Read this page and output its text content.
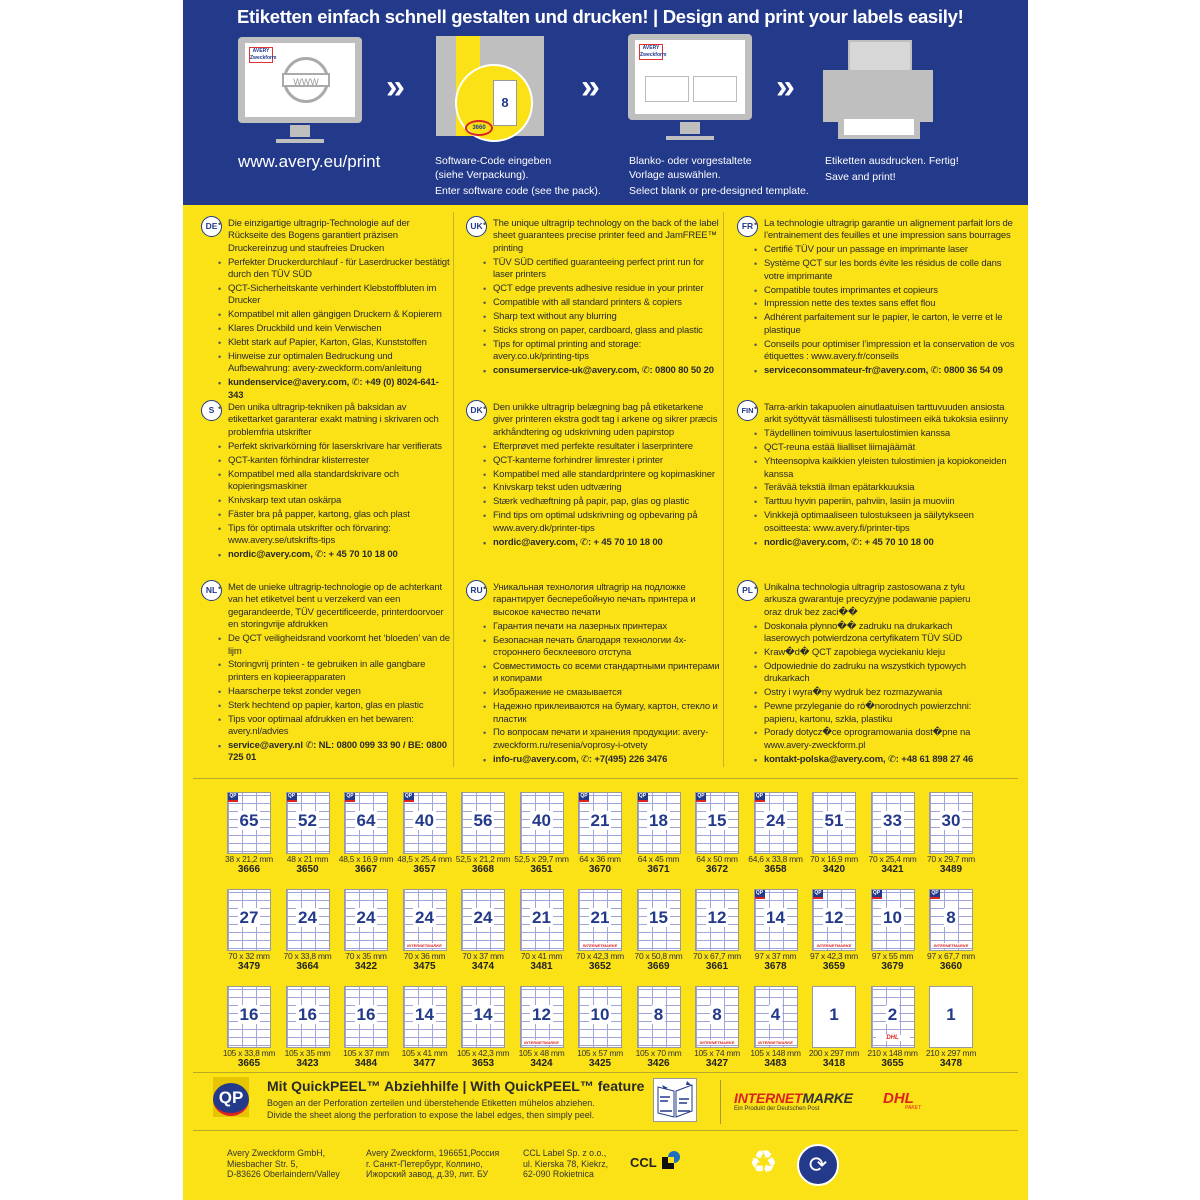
Etiketten einfach schnell gestalten und drucken! | Design and print your labels easily!
AVERY Zweckform
WWW
www.avery.eu/print
»	8
3660
Software-Code eingeben
(siehe Verpackung).
Enter software code (see the pack).
»
AVERY Zweckform
Blanko- oder vorgestaltete
Vorlage auswählen.
Select blank or pre-designed template.
»
Etiketten ausdrucken. Fertig!
Save and print!
DE	• Die einzigartige ultragrip-Technologie auf der Rückseite des Bogens garantiert präzisen Druckereinzug und staufreies Drucken
• Perfekter Druckerdurchlauf - für Laserdrucker bestätigt durch den TÜV SÜD
• QCT-Sicherheitskante verhindert Klebstoffbluten im Drucker
• Kompatibel mit allen gängigen Druckern & Kopierern
• Klares Druckbild und kein Verwischen
• Klebt stark auf Papier, Karton, Glas, Kunststoffen
• Hinweise zur optimalen Bedruckung und Aufbewahrung: avery-zweckform.com/anleitung
• kundenservice@avery.com, ✆: +49 (0) 8024-641-343
UK	• The unique ultragrip technology on the back of the label sheet guarantees precise printer feed and JamFREE™ printing
• TÜV SÜD certified guaranteeing perfect print run for laser printers
• QCT edge prevents adhesive residue in your printer
• Compatible with all standard printers & copiers
• Sharp text without any blurring
• Sticks strong on paper, cardboard, glass and plastic
• Tips for optimal printing and storage: avery.co.uk/printing-tips
• consumerservice-uk@avery.com, ✆: 0800 80 50 20
FR	• La technologie ultragrip garantie un alignement parfait lors de l’entrainement des feuilles et une impression sans bourrages
• Certifié TÜV pour un passage en imprimante laser
• Système QCT sur les bords évite les résidus de colle dans votre imprimante
• Compatible toutes imprimantes et copieurs
• Impression nette des textes sans effet flou
• Adhérent parfaitement sur le papier, le carton, le verre et le plastique
• Conseils pour optimiser l’impression et la conservation de vos étiquettes : www.avery.fr/conseils
• serviceconsommateur-fr@avery.com, ✆: 0800 36 54 09
S	• Den unika ultragrip-tekniken på baksidan av etikettarket garanterar exakt matning i skrivaren och problemfria utskrifter
• Perfekt skrivarkörning för laserskrivare har verifierats
• QCT-kanten förhindrar klisterrester
• Kompatibel med alla standardskrivare och kopieringsmaskiner
• Knivskarp text utan oskärpa
• Fäster bra på papper, kartong, glas och plast
• Tips för optimala utskrifter och förvaring: www.avery.se/utskrifts-tips
• nordic@avery.com, ✆: + 45 70 10 18 00
DK	• Den unikke ultragrip belægning bag på etiketarkene giver printeren ekstra godt tag i arkene og sikrer præcis arkhåndtering og udskrivning uden papirstop
• Efterprøvet med perfekte resultater i laserprintere
• QCT-kanterne forhindrer limrester i printer
• Kompatibel med alle standardprintere og kopimaskiner
• Knivskarp tekst uden udtværing
• Stærk vedhæftning på papir, pap, glas og plastic
• Find tips om optimal udskrivning og opbevaring på www.avery.dk/printer-tips
• nordic@avery.com, ✆: + 45 70 10 18 00
FIN	• Tarra-arkin takapuolen ainutlaatuisen tarttuvuuden ansiosta arkit syöttyvät täsmällisesti tulostimeen eikä tukoksia esiinny
• Täydellinen toimivuus lasertulostimien kanssa
• QCT-reuna estää liialliset liimajäämät
• Yhteensopiva kaikkien yleisten tulostimien ja kopiokoneiden kanssa
• Terävää tekstiä ilman epätarkkuuksia
• Tarttuu hyvin paperiin, pahviin, lasiin ja muoviin
• Vinkkejä optimaaliseen tulostukseen ja säilytykseen osoitteesta: www.avery.fi/printer-tips
• nordic@avery.com, ✆: + 45 70 10 18 00
NL	• Met de unieke ultragrip-technologie op de achterkant van het etiketvel bent u verzekerd van een gegarandeerde, TÜV gecertificeerde, printerdoorvoer en storingvrije afdrukken
• De QCT veiligheidsrand voorkomt het ‘bloeden’ van de lijm
• Storingvrij printen - te gebruiken in alle gangbare printers en kopieerapparaten
• Haarscherpe tekst zonder vegen
• Sterk hechtend op papier, karton, glas en plastic
• Tips voor optimaal afdrukken en het bewaren: avery.nl/advies
• service@avery.nl ✆: NL: 0800 099 33 90 / BE: 0800 725 01
RU	• Уникальная технология ultragrip на подложке гарантирует бесперебойную печать принтера и высокое качество печати
• Гарантия печати на лазерных принтерах
• Безопасная печать благодаря технологии 4х-стороннего бесклеевого отступа
• Совместимость со всеми стандартными принтерами и копирами
• Изображение не смазывается
• Надежно приклеиваются на бумагу, картон, стекло и пластик
• По вопросам печати и хранения продукции: avery-zweckform.ru/resenia/voprosy-i-otvety
• info-ru@avery.com, ✆: +7(495) 226 3476
PL	• Unikalna technologia ultragrip zastosowana z tyłu arkusza gwarantuje precyzyjne podawanie papieru oraz druk bez zaci��
• Doskonała płynno�� zadruku na drukarkach laserowych potwierdzona certyfikatem TÜV SÜD
• Kraw�d� QCT zapobiega wyciekaniu kleju
• Odpowiednie do zadruku na wszystkich typowych drukarkach
• Ostry i wyra�ny wydruk bez rozmazywania
• Pewne przyleganie do ró�norodnych powierzchni: papieru, kartonu, szkła, plastiku
• Porady dotycz�ce oprogramowania dost�pne na www.avery-zweckform.pl
• kontakt-polska@avery.com, ✆: +48 61 898 27 46
65
QP
38 x 21,2 mm
3666
52
QP
48 x 21 mm
3650
64
QP
48,5 x 16,9 mm
3667
40
QP
48,5 x 25,4 mm
3657
56
52,5 x 21,2 mm
3668
40
52,5 x 29,7 mm
3651
21
QP
64 x 36 mm
3670
18
QP
64 x 45 mm
3671
15
QP
64 x 50 mm
3672
24
QP
64,6 x 33,8 mm
3658
51
70 x 16,9 mm
3420
33
70 x 25,4 mm
3421
30
70 x 29,7 mm
3489
27
70 x 32 mm
3479
24
70 x 33,8 mm
3664
24
70 x 35 mm
3422
24
INTERNETMARKE
70 x 36 mm
3475
24
70 x 37 mm
3474
21
70 x 41 mm
3481
21
INTERNETMARKE
70 x 42,3 mm
3652
15
70 x 50,8 mm
3669
12
70 x 67,7 mm
3661
14
QP
97 x 37 mm
3678
12
QP
INTERNETMARKE
97 x 42,3 mm
3659
10
QP
97 x 55 mm
3679
8
QP
INTERNETMARKE
97 x 67,7 mm
3660
16
105 x 33,8 mm
3665
16
105 x 35 mm
3423
16
105 x 37 mm
3484
14
105 x 41 mm
3477
14
105 x 42,3 mm
3653
12
INTERNETMARKE
105 x 48 mm
3424
10
105 x 57 mm
3425
8
105 x 70 mm
3426
8
INTERNETMARKE
105 x 74 mm
3427
4
INTERNETMARKE
105 x 148 mm
3483
1
200 x 297 mm
3418
2
DHL
210 x 148 mm
3655
1
210 x 297 mm
3478
QP
Mit QuickPEEL™ Abziehhilfe | With QuickPEEL™ feature
Bogen an der Perforation zerteilen und überstehende Etiketten mühelos abziehen.
Divide the sheet along the perforation to expose the label edges, then simply peel.
INTERNETMARKE
Ein Produkt der Deutschen Post
DHL
PAKET
Avery Zweckform GmbH,
Miesbacher Str. 5,
D-83626 Oberlaindern/Valley
Avery Zweckform, 196651,Россия
г. Санкт-Петербург, Колпино,
Ижорский завод, д.39, лит. БУ
CCL Label Sp. z o.o.,
ul. Kierska 78, Kiekrz,
62-090 Rokietnica
CCL	♻	⟳
